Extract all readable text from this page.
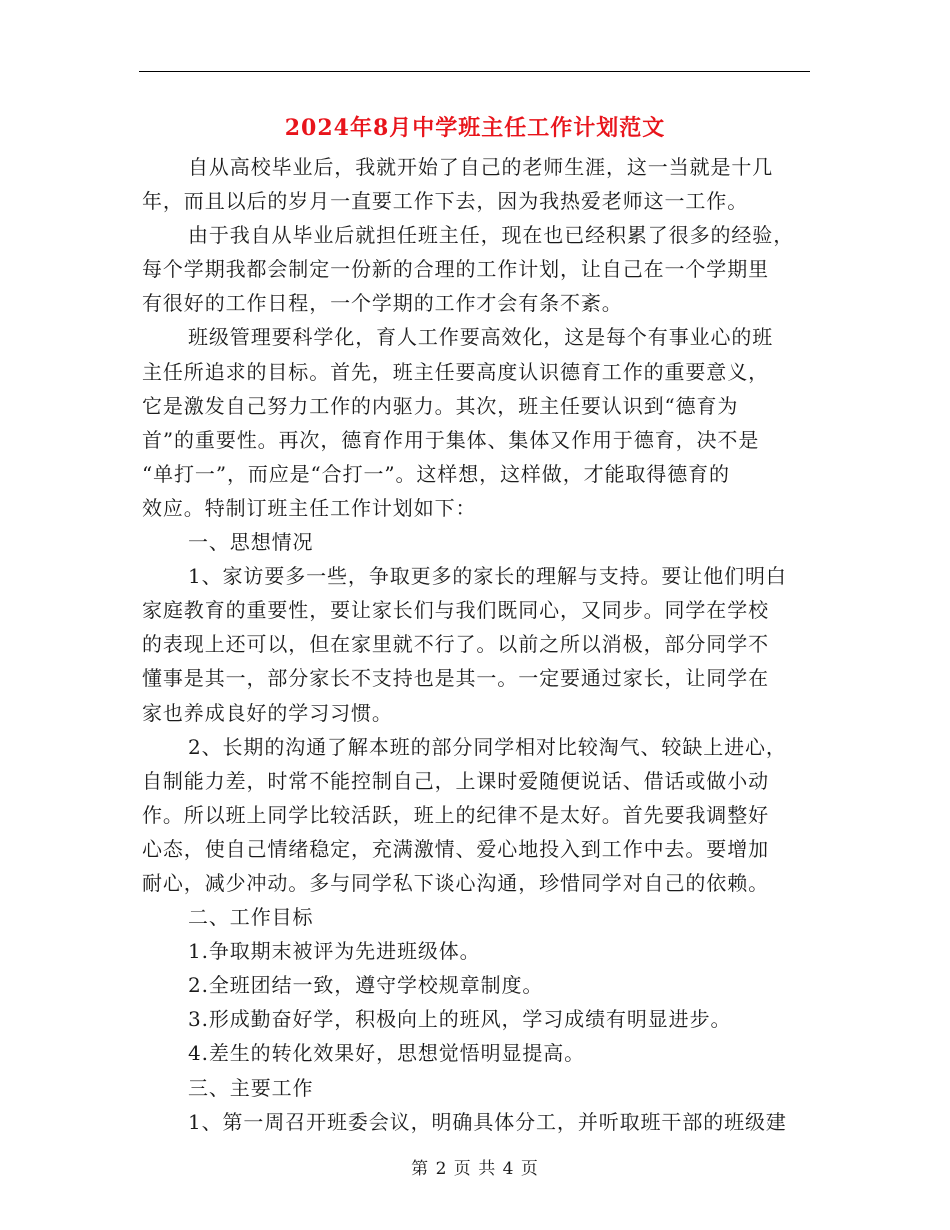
2024年8月中学班主任工作计划范文
自从高校毕业后，我就开始了自己的老师生涯，这一当就是十几
年，而且以后的岁月一直要工作下去，因为我热爱老师这一工作。
由于我自从毕业后就担任班主任，现在也已经积累了很多的经验，
每个学期我都会制定一份新的合理的工作计划，让自己在一个学期里
有很好的工作日程，一个学期的工作才会有条不紊。
班级管理要科学化，育人工作要高效化，这是每个有事业心的班
主任所追求的目标。首先，班主任要高度认识德育工作的重要意义，
它是激发自己努力工作的内驱力。其次，班主任要认识到“德育为
首”的重要性。再次，德育作用于集体、集体又作用于德育，决不是
“单打一”，而应是“合打一”。这样想，这样做，才能取得德育的
效应。特制订班主任工作计划如下：
一、思想情况
1、家访要多一些，争取更多的家长的理解与支持。要让他们明白
家庭教育的重要性，要让家长们与我们既同心，又同步。同学在学校
的表现上还可以，但在家里就不行了。以前之所以消极，部分同学不
懂事是其一，部分家长不支持也是其一。一定要通过家长，让同学在
家也养成良好的学习习惯。
2、长期的沟通了解本班的部分同学相对比较淘气、较缺上进心，
自制能力差，时常不能控制自己，上课时爱随便说话、借话或做小动
作。所以班上同学比较活跃，班上的纪律不是太好。首先要我调整好
心态，使自己情绪稳定，充满激情、爱心地投入到工作中去。要增加
耐心，减少冲动。多与同学私下谈心沟通，珍惜同学对自己的依赖。
二、工作目标
1.争取期末被评为先进班级体。
2.全班团结一致，遵守学校规章制度。
3.形成勤奋好学，积极向上的班风，学习成绩有明显进步。
4.差生的转化效果好，思想觉悟明显提高。
三、主要工作
1、第一周召开班委会议，明确具体分工，并听取班干部的班级建
第 2 页 共 4 页
